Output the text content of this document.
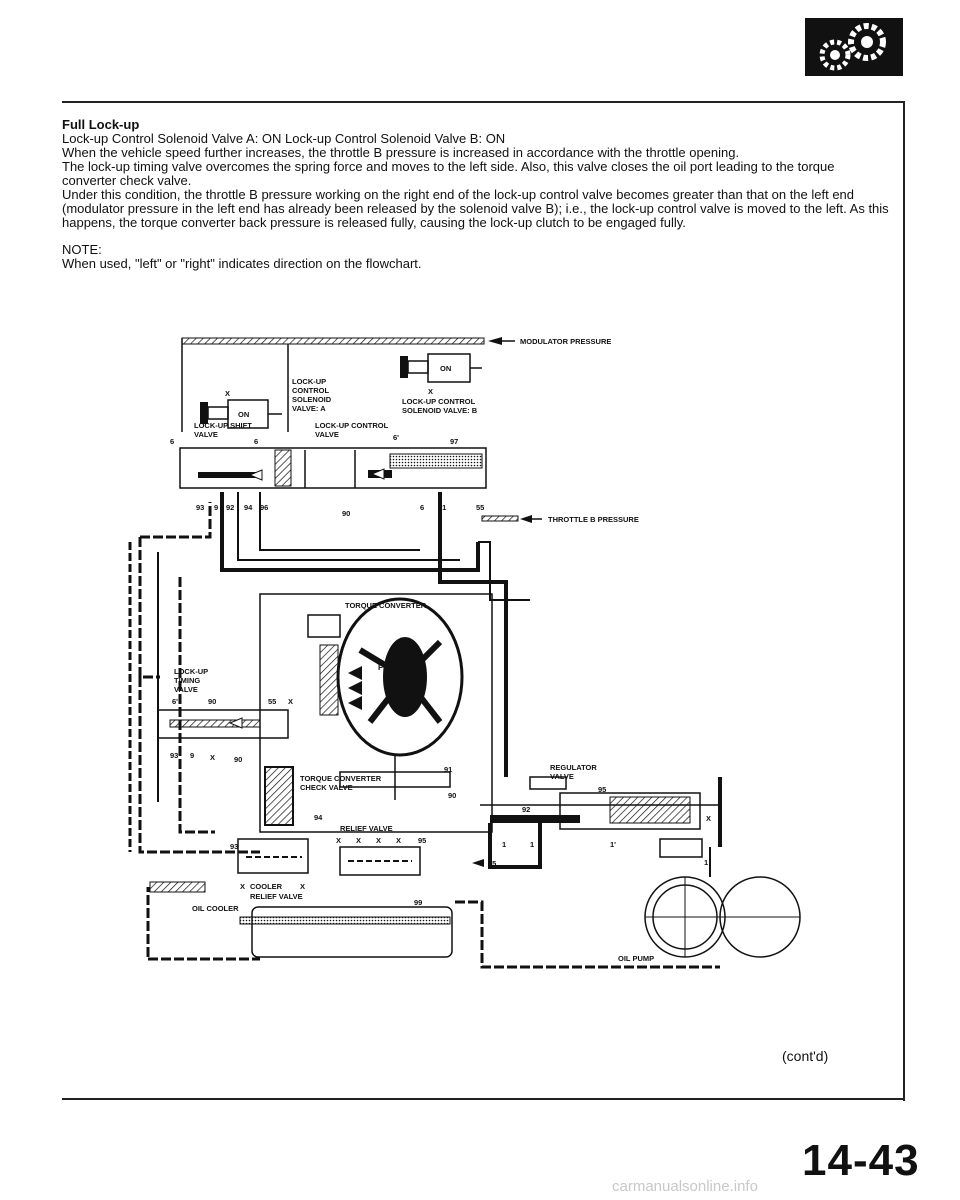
Full Lock-up

Lock-up Control Solenoid Valve A: ON Lock-up Control Solenoid Valve B: ON

When the vehicle speed further increases, the throttle B pressure is increased in accordance with the throttle opening.

The lock-up timing valve overcomes the spring force and moves to the left side. Also, this valve closes the oil port leading to the torque converter check valve.

Under this condition, the throttle B pressure working on the right end of the lock-up control valve becomes greater than that on the left end (modulator pressure in the left end has already been released by the solenoid valve B); i.e., the lock-up control valve is moved to the left. As this happens, the torque converter back pressure is released fully, causing the lock-up clutch to be engaged fully.

NOTE:

When used, "left" or "right" indicates direction on the flowchart.

MODULATOR PRESSURE
ON
X
LOCK-UP
CONTROL
SOLENOID
VALVE: A
ON
X
LOCK-UP CONTROL
SOLENOID VALVE: B
LOCK-UP SHIFT
VALVE
LOCK-UP CONTROL
VALVE
6	6	6'	97
93 9 92 94 96
90
6 91	55
THROTTLE B PRESSURE
TORQUE CONVERTER
F₁
91
90
94
LOCK-UP
TIMING
VALVE
6'	90	55 X
93 9 X	90
REGULATOR
VALVE
92
95
X
1	1	1'
TORQUE CONVERTER
CHECK VALVE
RELIEF VALVE
X X X X 95
95
93
X COOLER X
RELIEF VALVE
OIL COOLER
99
1
OIL PUMP
(cont'd)
14-43
carmanualsonline.info
